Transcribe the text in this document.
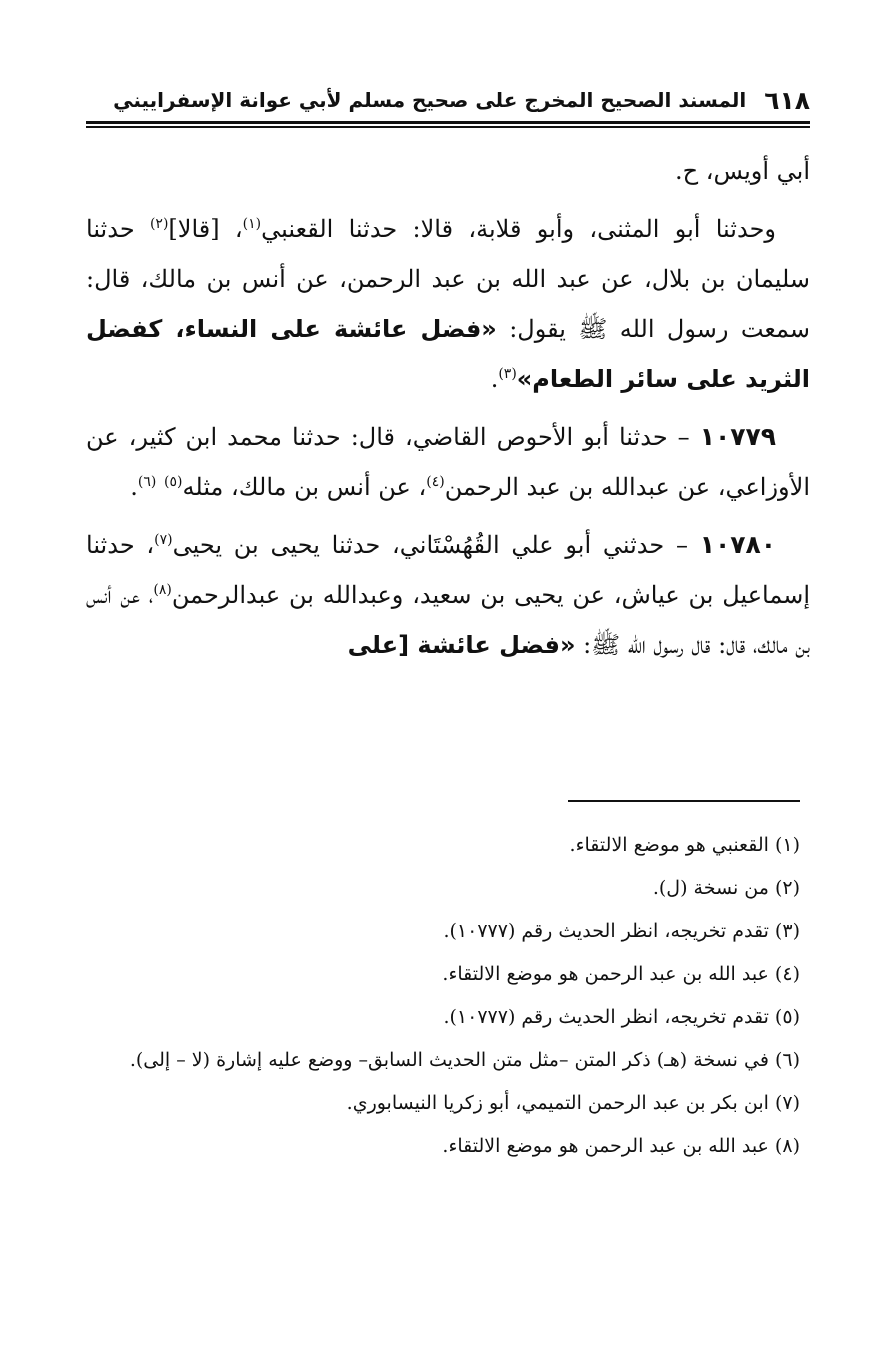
٦١٨
المسند الصحيح المخرج على صحيح مسلم لأبي عوانة الإسفراييني

أبي أويس، ح.

وحدثنا أبو المثنى، وأبو قلابة، قالا: حدثنا القعنبي$^{(١)}$، [قالا]$^{(٢)}$ حدثنا سليمان بن بلال، عن عبد الله بن عبد الرحمن، عن أنس بن مالك، قال: سمعت رسول الله ﷺ يقول: «فضل عائشة على النساء، كفضل الثريد على سائر الطعام»$^{(٣)}$.

١٠٧٧٩ – حدثنا أبو الأحوص القاضي، قال: حدثنا محمد ابن كثير، عن الأوزاعي، عن عبدالله بن عبد الرحمن$^{(٤)}$، عن أنس بن مالك، مثله$^{(٥)}$ $^{(٦)}$.

١٠٧٨٠ – حدثني أبو علي القُهُسْتَاني، حدثنا يحيى بن يحيى$^{(٧)}$، حدثنا إسماعيل بن عياش، عن يحيى بن سعيد، وعبدالله بن عبدالرحمن$^{(٨)}$، عن أنس بن مالك، قال: قال رسول الله ﷺ: «فضل عائشة [على

(١) القعنبي هو موضع الالتقاء.
(٢) من نسخة (ل).
(٣) تقدم تخريجه، انظر الحديث رقم (١٠٧٧٧).
(٤) عبد الله بن عبد الرحمن هو موضع الالتقاء.
(٥) تقدم تخريجه، انظر الحديث رقم (١٠٧٧٧).
(٦) في نسخة (هـ) ذكر المتن –مثل متن الحديث السابق– ووضع عليه إشارة (لا – إلى).
(٧) ابن بكر بن عبد الرحمن التميمي، أبو زكريا النيسابوري.
(٨) عبد الله بن عبد الرحمن هو موضع الالتقاء.
